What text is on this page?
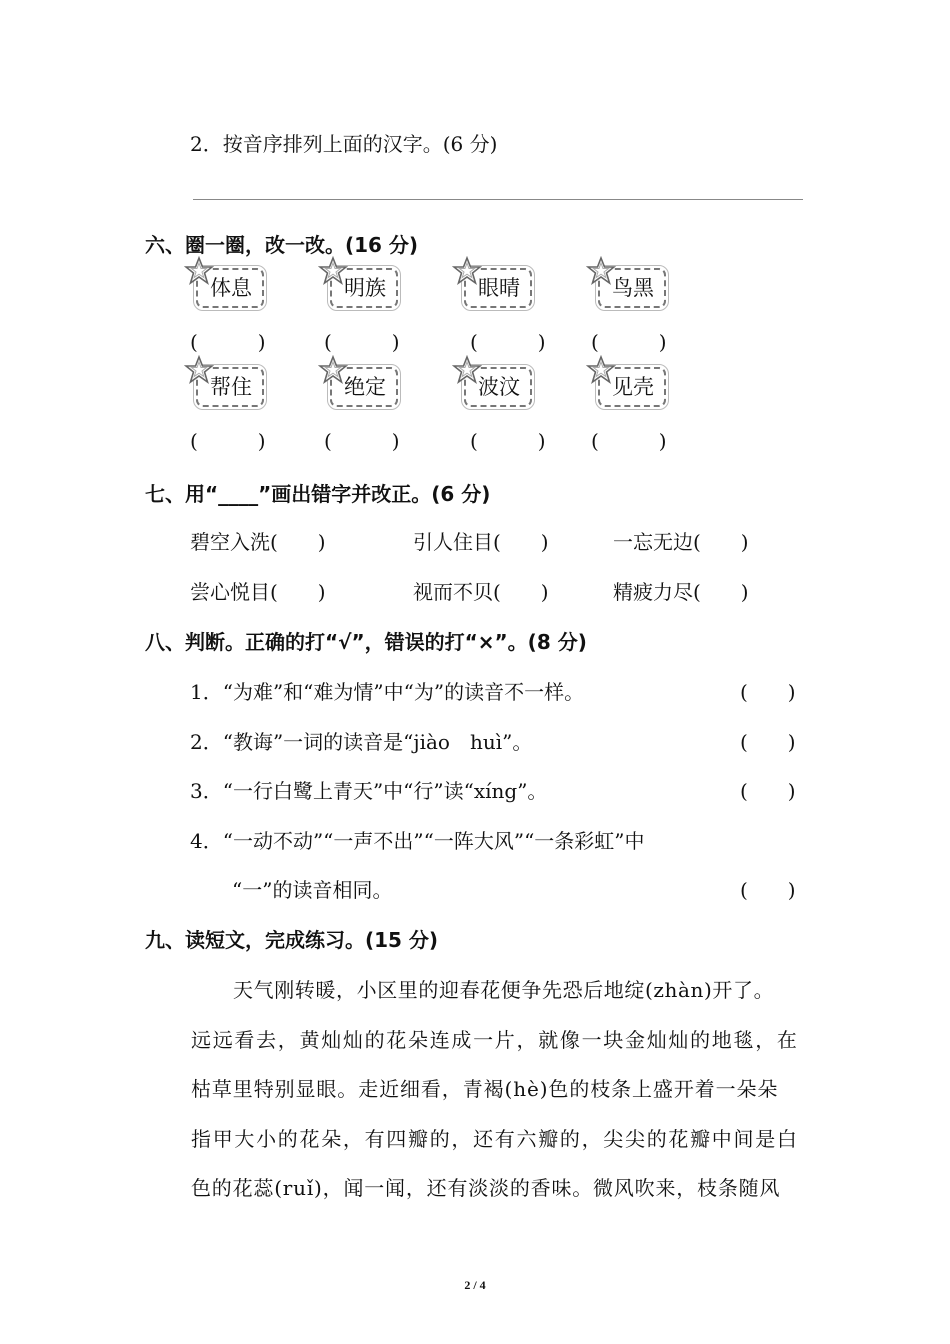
2．按音序排列上面的汉字。(6 分)
六、圈一圈，改一改。(16 分)
体息
(　　　)
明族
(　　　)
眼晴
(　　　)
鸟黑
(　　　)
帮住
(　　　)
绝定
(　　　)
波汶
(　　　)
见壳
(　　　)
七、用“____”画出错字并改正。(6 分)
碧空入洗(　　)	引人住目(　　)	一忘无边(　　)
尝心悦目(　　)	视而不贝(　　)	精疲力尽(　　)
八、判断。正确的打“√”，错误的打“×”。(8 分)
1．“为难”和“难为情”中“为”的读音不一样。	(　　)
2．“教诲”一词的读音是“jiào　huì”。	(　　)
3．“一行白鹭上青天”中“行”读“xíng”。	(　　)
4．“一动不动”“一声不出”“一阵大风”“一条彩虹”中
“一”的读音相同。	(　　)
九、读短文，完成练习。(15 分)
天气刚转暖，小区里的迎春花便争先恐后地绽(zhàn)开了。
远远看去，黄灿灿的花朵连成一片，就像一块金灿灿的地毯，在
枯草里特别显眼。走近细看，青褐(hè)色的枝条上盛开着一朵朵
指甲大小的花朵，有四瓣的，还有六瓣的，尖尖的花瓣中间是白
色的花蕊(ruǐ)，闻一闻，还有淡淡的香味。微风吹来，枝条随风
2 / 4
